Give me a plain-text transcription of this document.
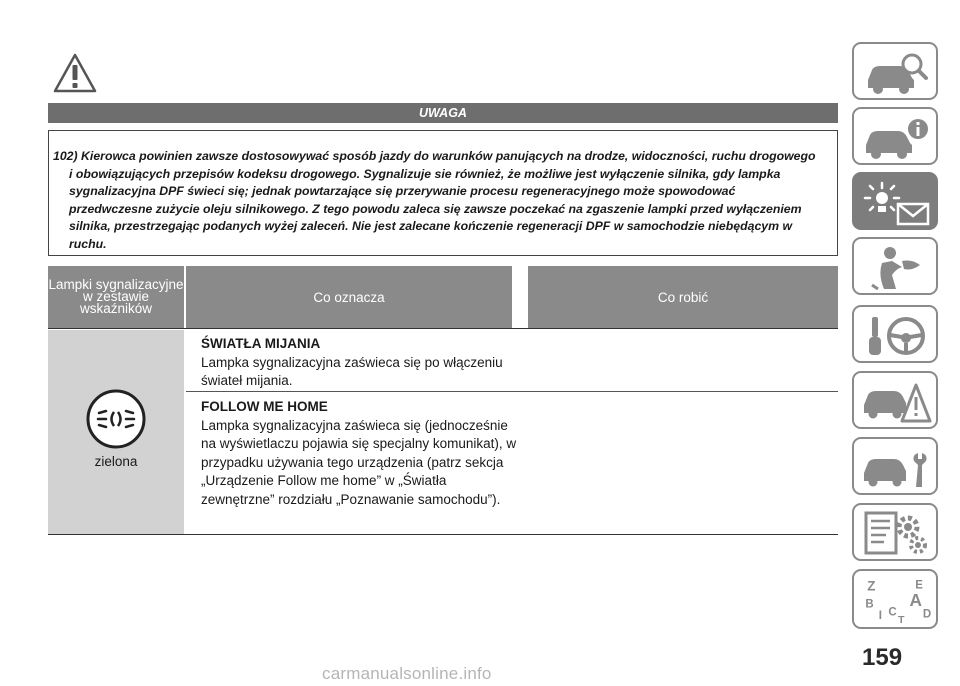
UWAGA

102) Kierowca powinien zawsze dostosowywać sposób jazdy do warunków panujących na drodze, widoczności, ruchu drogowego i obowiązujących przepisów kodeksu drogowego. Sygnalizuje sie również, że możliwe jest wyłączenie silnika, gdy lampka sygnalizacyjna DPF świeci się; jednak powtarzające się przerywanie procesu regeneracyjnego może spowodować przedwczesne zużycie oleju silnikowego. Z tego powodu zaleca się zawsze poczekać na zgaszenie lampki przed wyłączeniem silnika, przestrzegając podanych wyżej zaleceń. Nie jest zalecane kończenie regeneracji DPF w samochodzie niebędącym w ruchu.

Lampki sygnalizacyjne w zestawie wskaźników
Co oznacza	Co robić
zielona
ŚWIATŁA MIJANIA
Lampka sygnalizacyjna zaświeca się po włączeniu świateł mijania.
FOLLOW ME HOME
Lampka sygnalizacyjna zaświeca się (jednocześnie na wyświetlaczu pojawia się specjalny komunikat), w przypadku używania tego urządzenia (patrz sekcja „Urządzenie Follow me home” w „Światła zewnętrzne” rozdziału „Poznawanie samochodu”).
Z	E
A
B
C D
I T
159
carmanualsonline.info
